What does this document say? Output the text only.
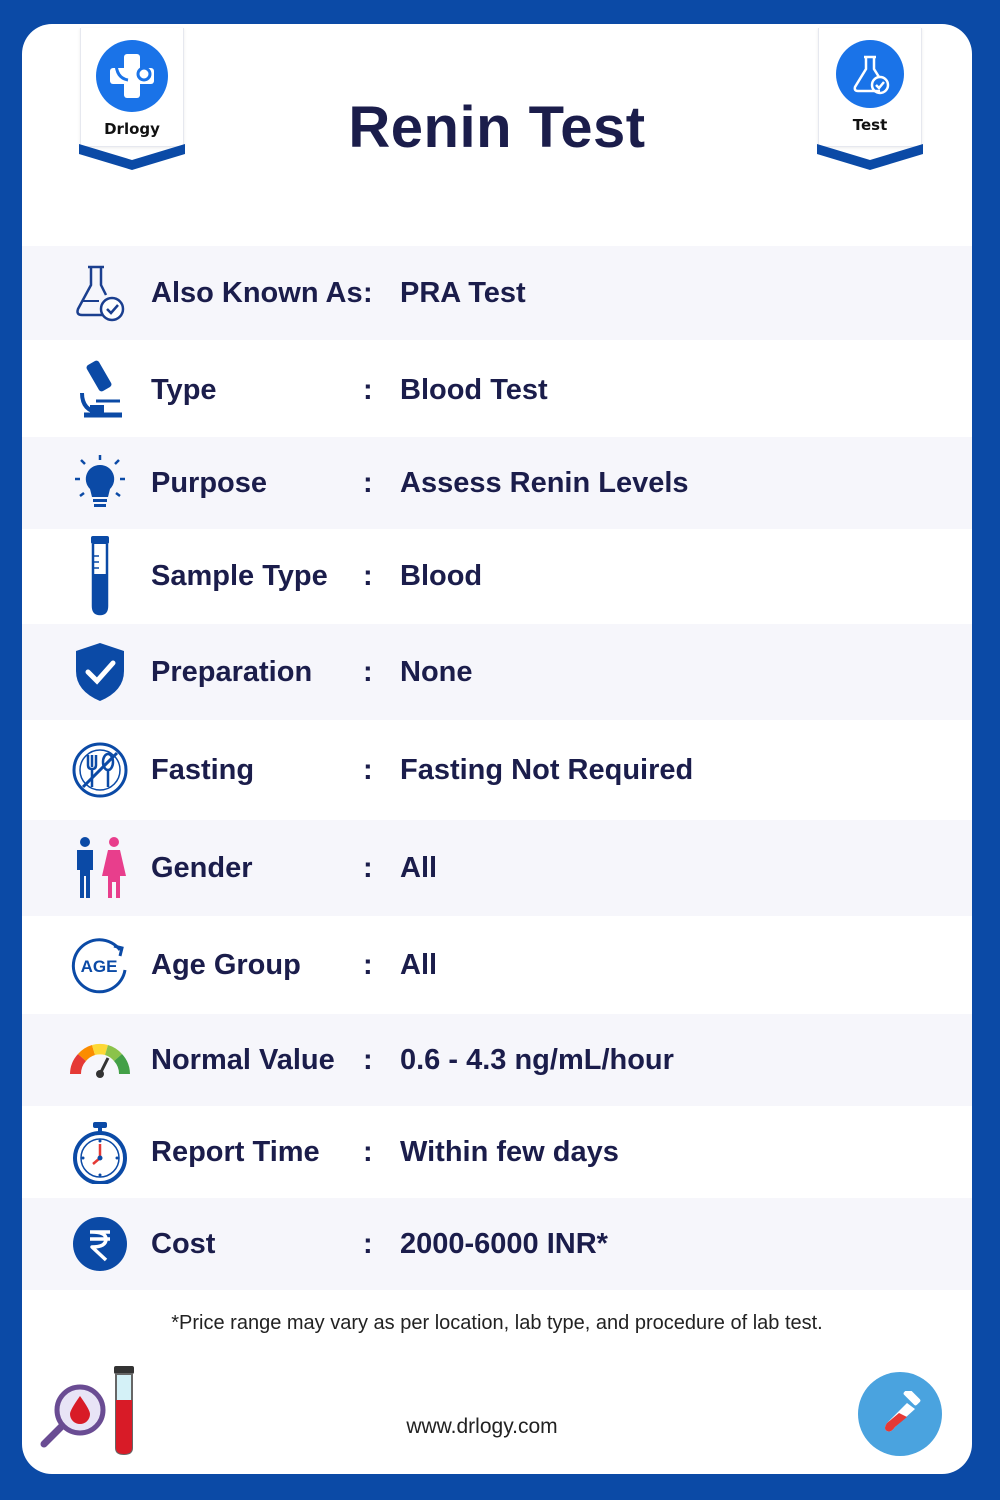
Drlogy	Renin Test	Test
Also Known As : PRA Test
Type	: Blood Test
Purpose	: Assess Renin Levels
Sample Type : Blood
Preparation : None
Fasting	: Fasting Not Required
Gender	: All
AGE Age Group : All
Normal Value : 0.6 - 4.3 ng/mL/hour
Report Time : Within few days
Cost	: 2000-6000 INR*
*Price range may vary as per location, lab type, and procedure of lab test.
www.drlogy.com
